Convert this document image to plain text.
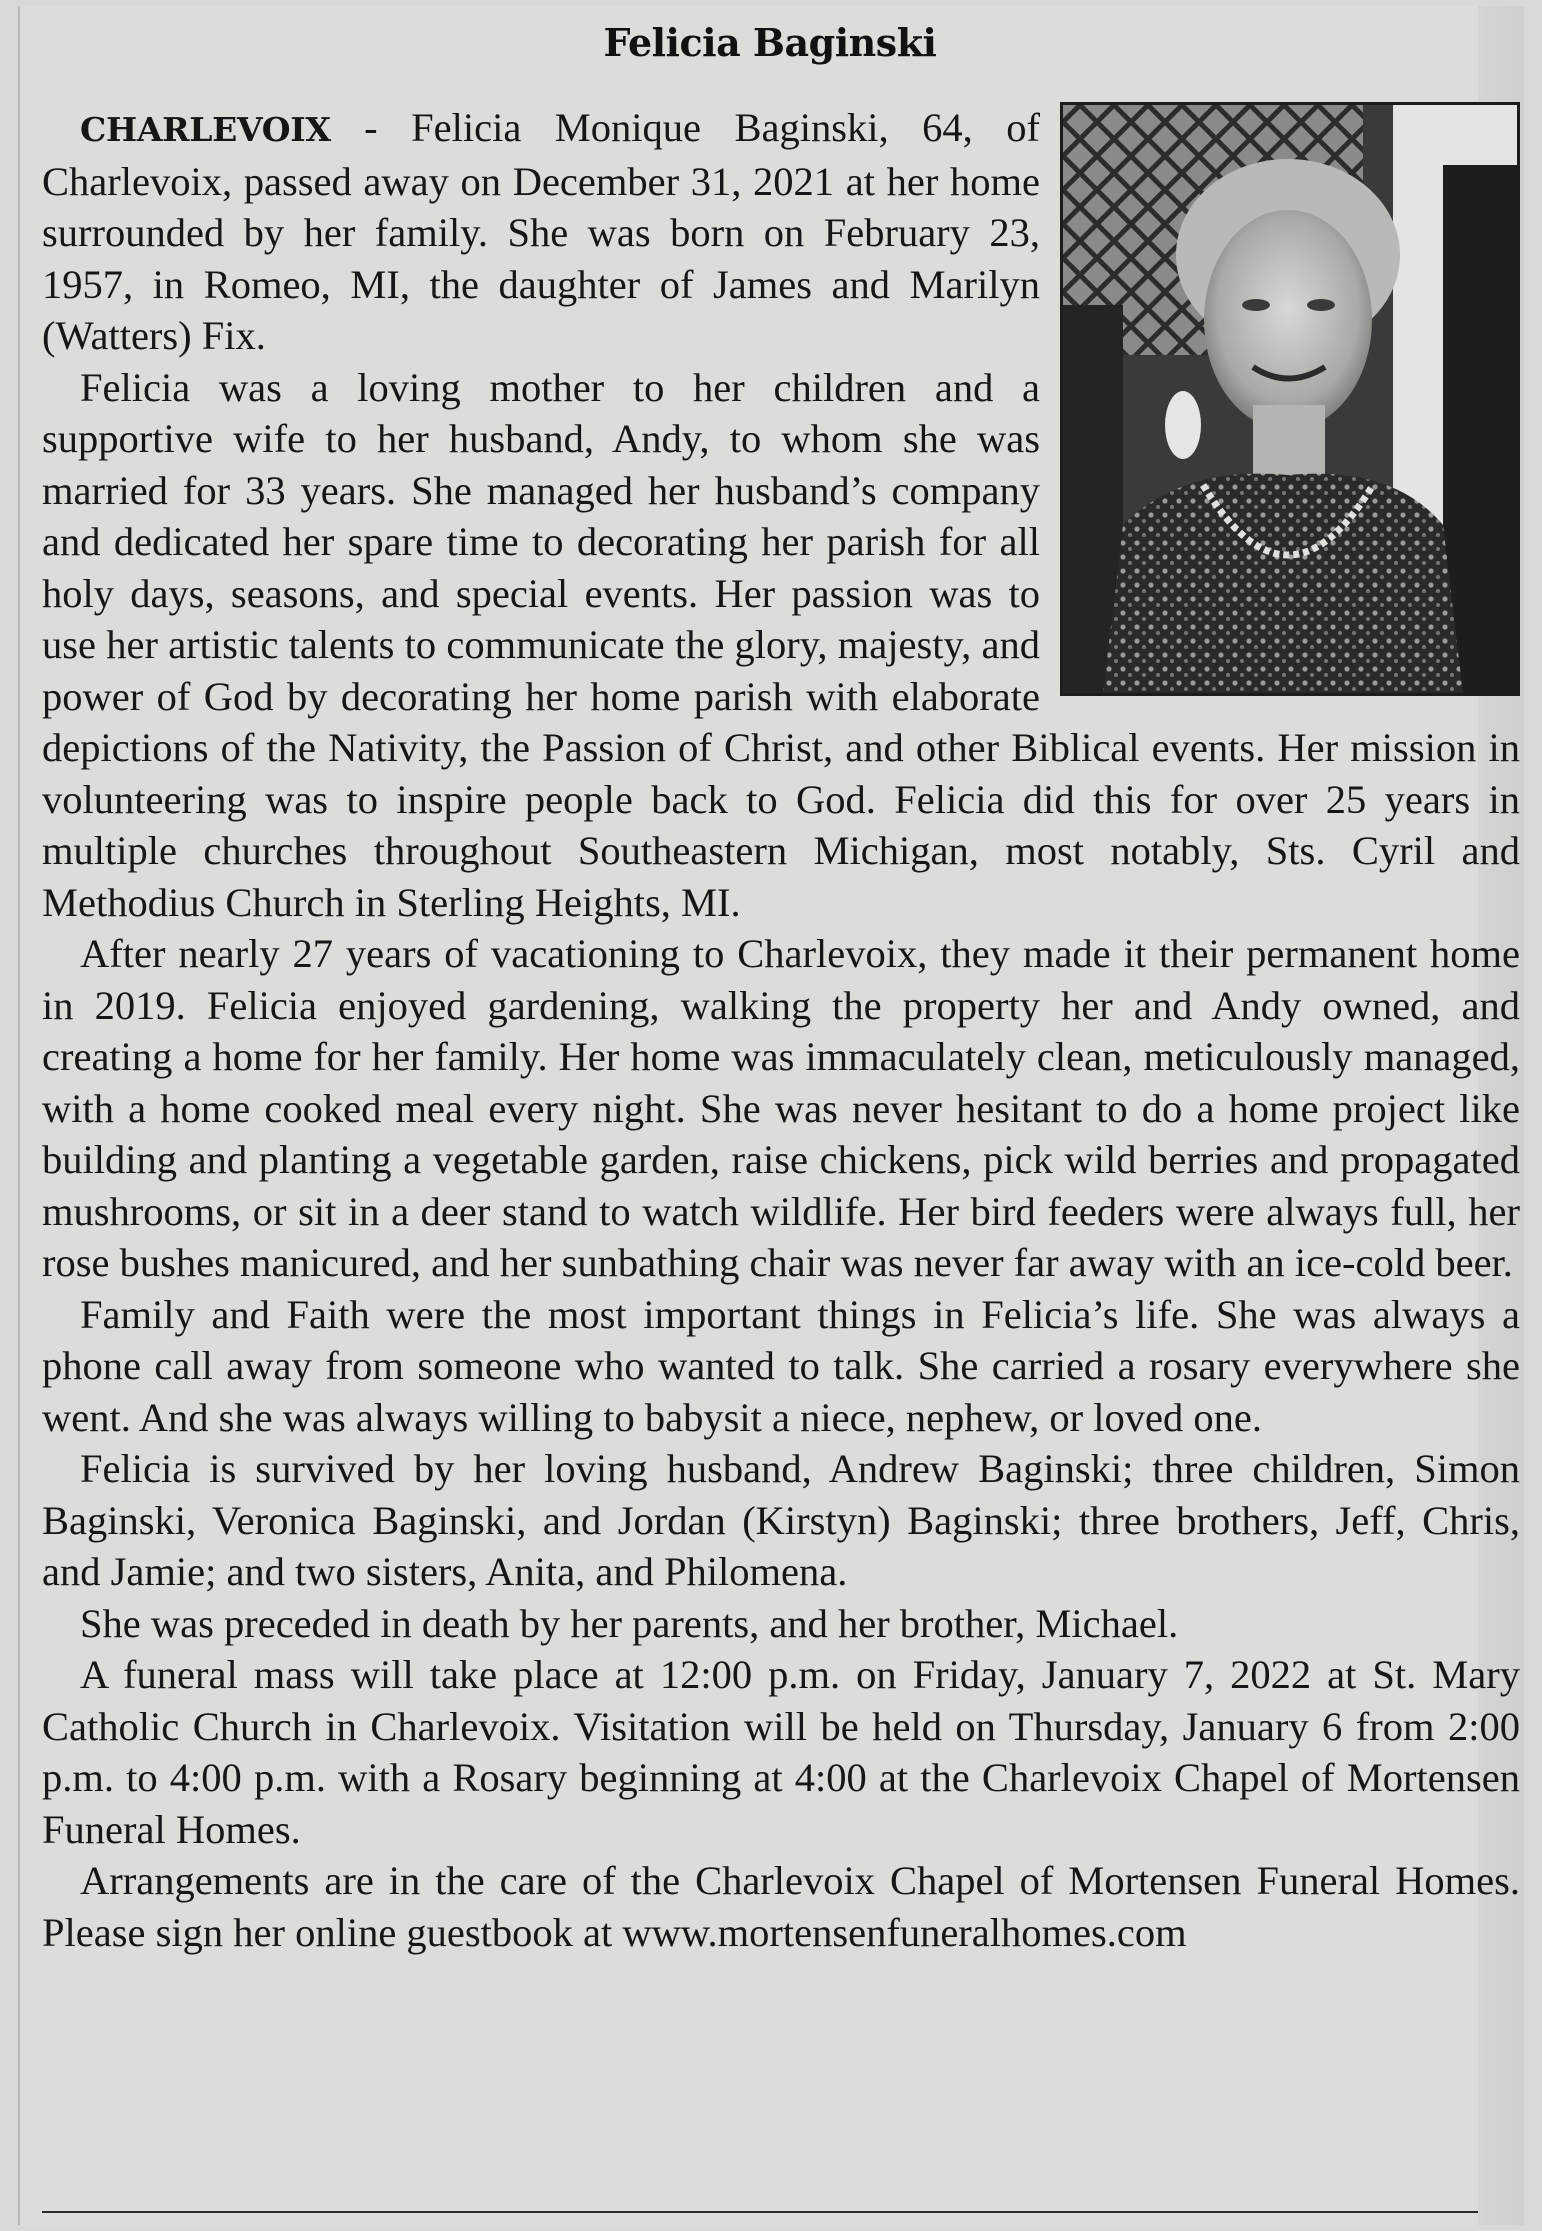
Felicia Baginski

CHARLEVOIX - Felicia Monique Baginski, 64, of Charlevoix, passed away on December 31, 2021 at her home surrounded by her family. She was born on February 23, 1957, in Romeo, MI, the daughter of James and Marilyn (Watters) Fix.

Felicia was a loving mother to her children and a supportive wife to her husband, Andy, to whom she was married for 33 years. She managed her husband’s company and dedicated her spare time to decorating her parish for all holy days, seasons, and special events. Her passion was to use her artistic talents to communicate the glory, majesty, and power of God by decorating her home parish with elaborate depictions of the Nativity, the Passion of Christ, and other Biblical events. Her mission in volunteering was to inspire people back to God. Felicia did this for over 25 years in multiple churches throughout Southeastern Michigan, most notably, Sts. Cyril and Methodius Church in Sterling Heights, MI.

After nearly 27 years of vacationing to Charlevoix, they made it their permanent home in 2019. Felicia enjoyed gardening, walking the property her and Andy owned, and creating a home for her family. Her home was immaculately clean, meticulously managed, with a home cooked meal every night. She was never hesitant to do a home project like building and planting a vegetable garden, raise chickens, pick wild berries and propagated mushrooms, or sit in a deer stand to watch wildlife. Her bird feeders were always full, her rose bushes manicured, and her sunbathing chair was never far away with an ice-cold beer.

Family and Faith were the most important things in Felicia’s life. She was always a phone call away from someone who wanted to talk. She carried a rosary everywhere she went. And she was always willing to babysit a niece, nephew, or loved one.

Felicia is survived by her loving husband, Andrew Baginski; three children, Simon Baginski, Veronica Baginski, and Jordan (Kirstyn) Baginski; three brothers, Jeff, Chris, and Jamie; and two sisters, Anita, and Philomena.

She was preceded in death by her parents, and her brother, Michael.

A funeral mass will take place at 12:00 p.m. on Friday, January 7, 2022 at St. Mary Catholic Church in Charlevoix. Visitation will be held on Thursday, January 6 from 2:00 p.m. to 4:00 p.m. with a Rosary beginning at 4:00 at the Charlevoix Chapel of Mortensen Funeral Homes.

Arrangements are in the care of the Charlevoix Chapel of Mortensen Funeral Homes. Please sign her online guestbook at www.mortensenfuneralhomes.com
